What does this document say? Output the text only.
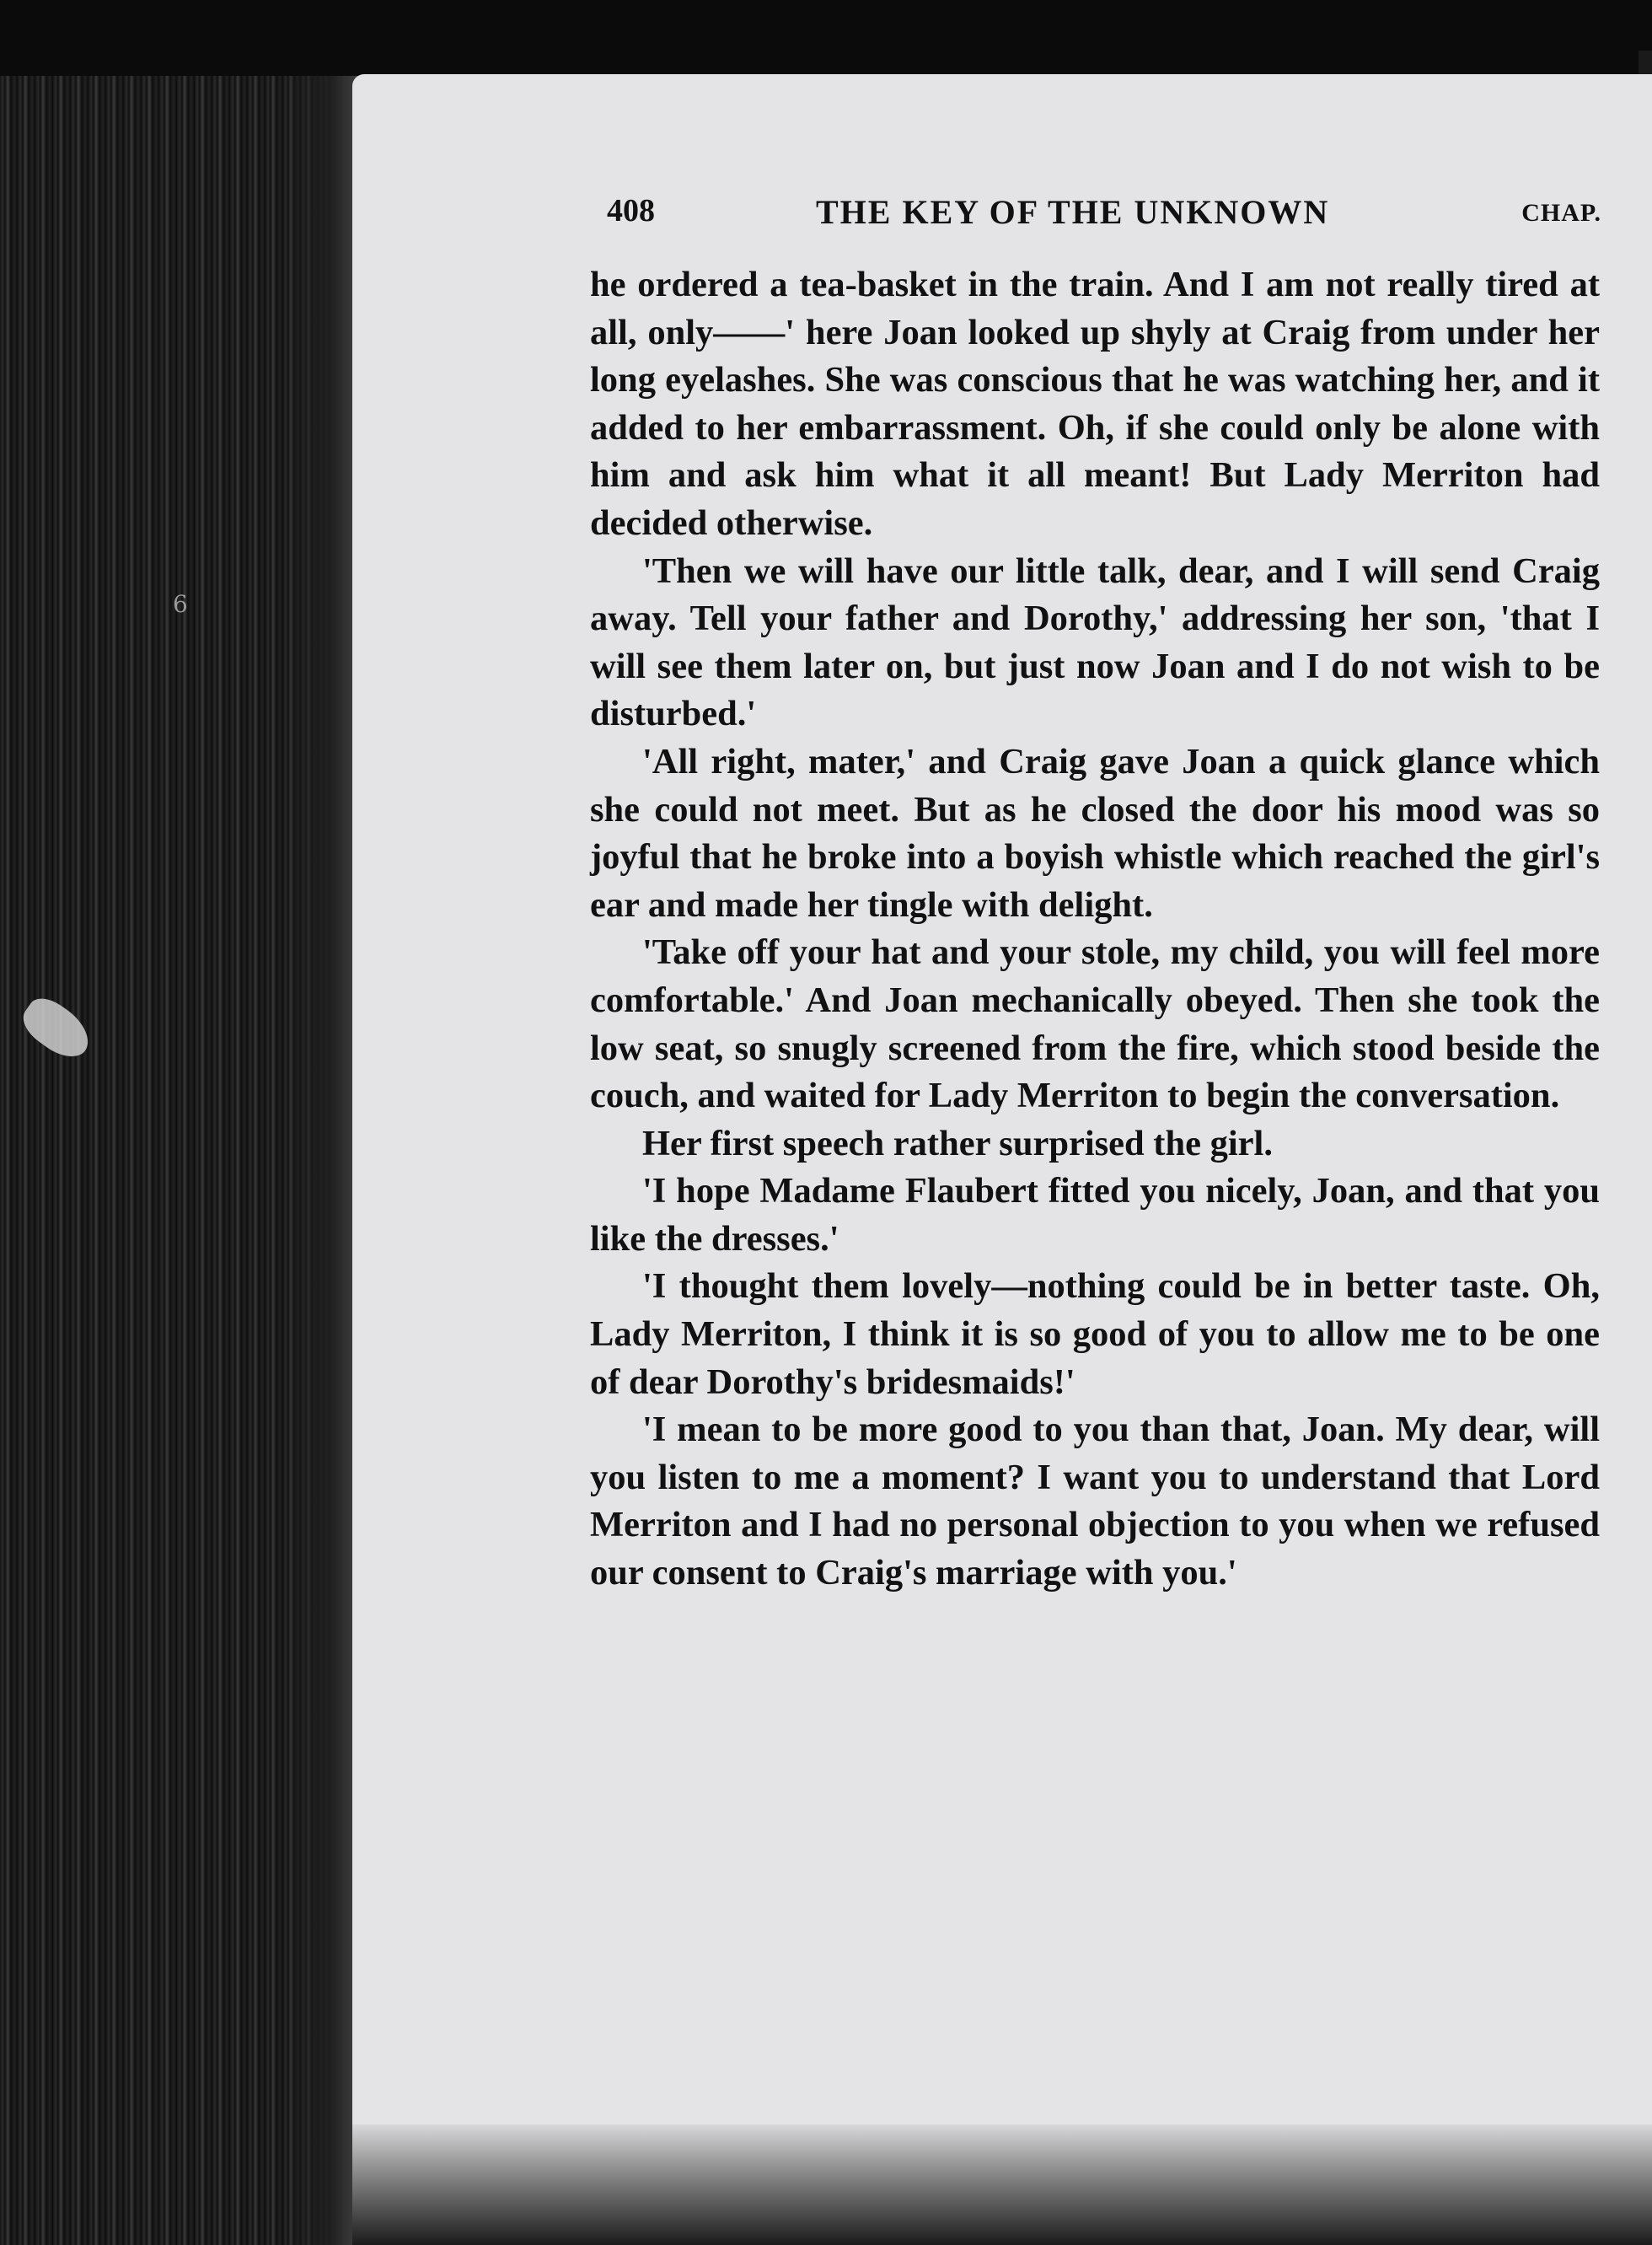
6
408	THE KEY OF THE UNKNOWN	CHAP.

he ordered a tea-basket in the train. And I am not really tired at all, only——' here Joan looked up shyly at Craig from under her long eyelashes. She was conscious that he was watching her, and it added to her embarrassment. Oh, if she could only be alone with him and ask him what it all meant! But Lady Merriton had decided otherwise.

'Then we will have our little talk, dear, and I will send Craig away. Tell your father and Dorothy,' addressing her son, 'that I will see them later on, but just now Joan and I do not wish to be disturbed.'

'All right, mater,' and Craig gave Joan a quick glance which she could not meet. But as he closed the door his mood was so joyful that he broke into a boyish whistle which reached the girl's ear and made her tingle with delight.

'Take off your hat and your stole, my child, you will feel more comfortable.' And Joan mechanically obeyed. Then she took the low seat, so snugly screened from the fire, which stood beside the couch, and waited for Lady Merriton to begin the conversation.

Her first speech rather surprised the girl.

'I hope Madame Flaubert fitted you nicely, Joan, and that you like the dresses.'

'I thought them lovely—nothing could be in better taste. Oh, Lady Merriton, I think it is so good of you to allow me to be one of dear Dorothy's bridesmaids!'

'I mean to be more good to you than that, Joan. My dear, will you listen to me a moment? I want you to understand that Lord Merriton and I had no personal objection to you when we refused our consent to Craig's marriage with you.'
